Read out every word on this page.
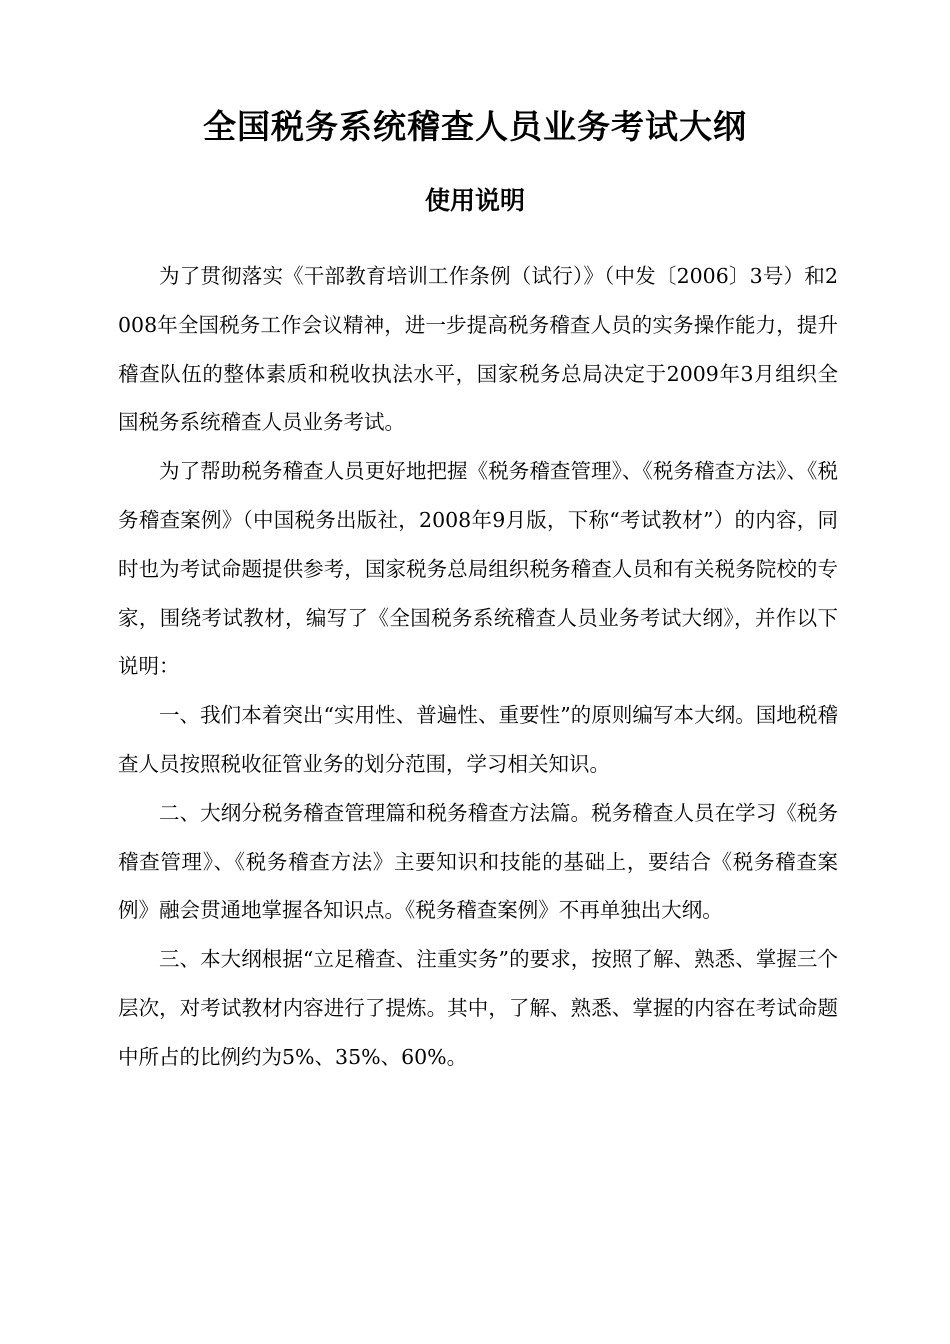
全国税务系统稽查人员业务考试大纲
使用说明

为了贯彻落实《干部教育培训工作条例（试行）》（中发〔2006〕3号）和2008年全国税务工作会议精神，进一步提高税务稽查人员的实务操作能力，提升稽查队伍的整体素质和税收执法水平，国家税务总局决定于2009年3月组织全国税务系统稽查人员业务考试。

为了帮助税务稽查人员更好地把握《税务稽查管理》、《税务稽查方法》、《税务稽查案例》（中国税务出版社，2008年9月版，下称“考试教材”）的内容，同时也为考试命题提供参考，国家税务总局组织税务稽查人员和有关税务院校的专家，围绕考试教材，编写了《全国税务系统稽查人员业务考试大纲》，并作以下说明：

一、我们本着突出“实用性、普遍性、重要性”的原则编写本大纲。国地税稽查人员按照税收征管业务的划分范围，学习相关知识。

二、大纲分税务稽查管理篇和税务稽查方法篇。税务稽查人员在学习《税务稽查管理》、《税务稽查方法》主要知识和技能的基础上，要结合《税务稽查案例》融会贯通地掌握各知识点。《税务稽查案例》不再单独出大纲。

三、本大纲根据“立足稽查、注重实务”的要求，按照了解、熟悉、掌握三个层次，对考试教材内容进行了提炼。其中，了解、熟悉、掌握的内容在考试命题中所占的比例约为5%、35%、60%。
